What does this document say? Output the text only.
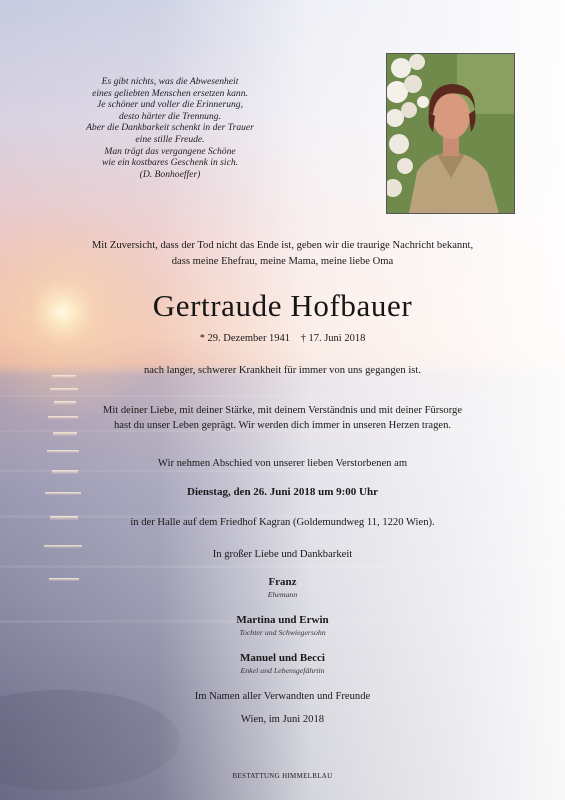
Es gibt nichts, was die Abwesenheit
eines geliebten Menschen ersetzen kann.
Je schöner und voller die Erinnerung,
desto härter die Trennung.
Aber die Dankbarkeit schenkt in der Trauer
eine stille Freude.
Man trägt das vergangene Schöne
wie ein kostbares Geschenk in sich.
(D. Bonhoeffer)
Mit Zuversicht, dass der Tod nicht das Ende ist, geben wir die traurige Nachricht bekannt,
dass meine Ehefrau, meine Mama, meine liebe Oma
Gertraude Hofbauer
* 29. Dezember 1941 † 17. Juni 2018
nach langer, schwerer Krankheit für immer von uns gegangen ist.
Mit deiner Liebe, mit deiner Stärke, mit deinem Verständnis und mit deiner Fürsorge
hast du unser Leben geprägt. Wir werden dich immer in unseren Herzen tragen.
Wir nehmen Abschied von unserer lieben Verstorbenen am
Dienstag, den 26. Juni 2018 um 9:00 Uhr
in der Halle auf dem Friedhof Kagran (Goldemundweg 11, 1220 Wien).
In großer Liebe und Dankbarkeit
Franz
Ehemann
Martina und Erwin
Tochter und Schwiegersohn
Manuel und Becci
Enkel und Lebensgefährtin
Im Namen aller Verwandten und Freunde
Wien, im Juni 2018
BESTATTUNG HIMMELBLAU
